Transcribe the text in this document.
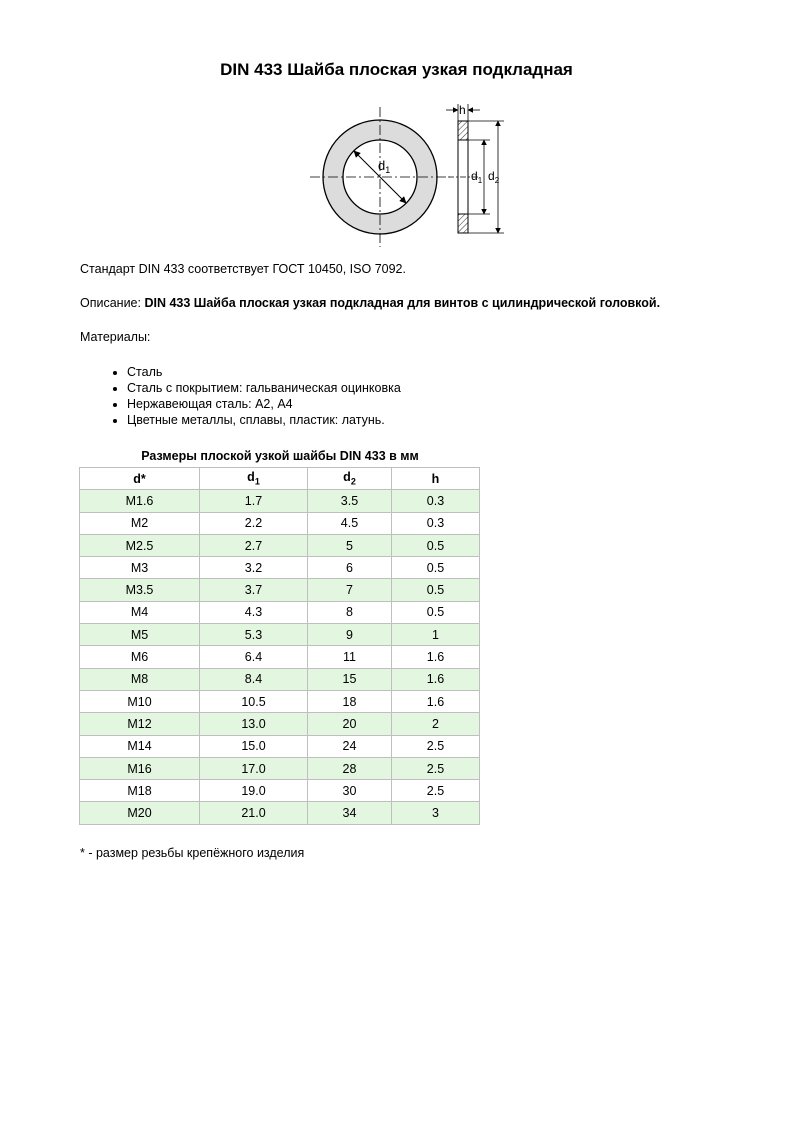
DIN 433 Шайба плоская узкая подкладная
$d_1$
h
$d_1$ $d_2$
Стандарт DIN 433 соответствует ГОСТ 10450, ISO 7092.
Описание: DIN 433 Шайба плоская узкая подкладная для винтов с цилиндрической головкой.
Материалы:
• Сталь
• Сталь с покрытием: гальваническая оцинковка
• Нержавеющая сталь: А2, А4
• Цветные металлы, сплавы, пластик: латунь.
Размеры плоской узкой шайбы DIN 433 в мм
d*	$d_1$	$d_2$	h
M1.6	1.7	3.5	0.3
M2	2.2	4.5	0.3
M2.5	2.7	5	0.5
M3	3.2	6	0.5
M3.5	3.7	7	0.5
M4	4.3	8	0.5
M5	5.3	9	1
M6	6.4	11	1.6
M8	8.4	15	1.6
M10	10.5	18	1.6
M12	13.0	20	2
M14	15.0	24	2.5
M16	17.0	28	2.5
M18	19.0	30	2.5
M20	21.0	34	3
* - размер резьбы крепёжного изделия
